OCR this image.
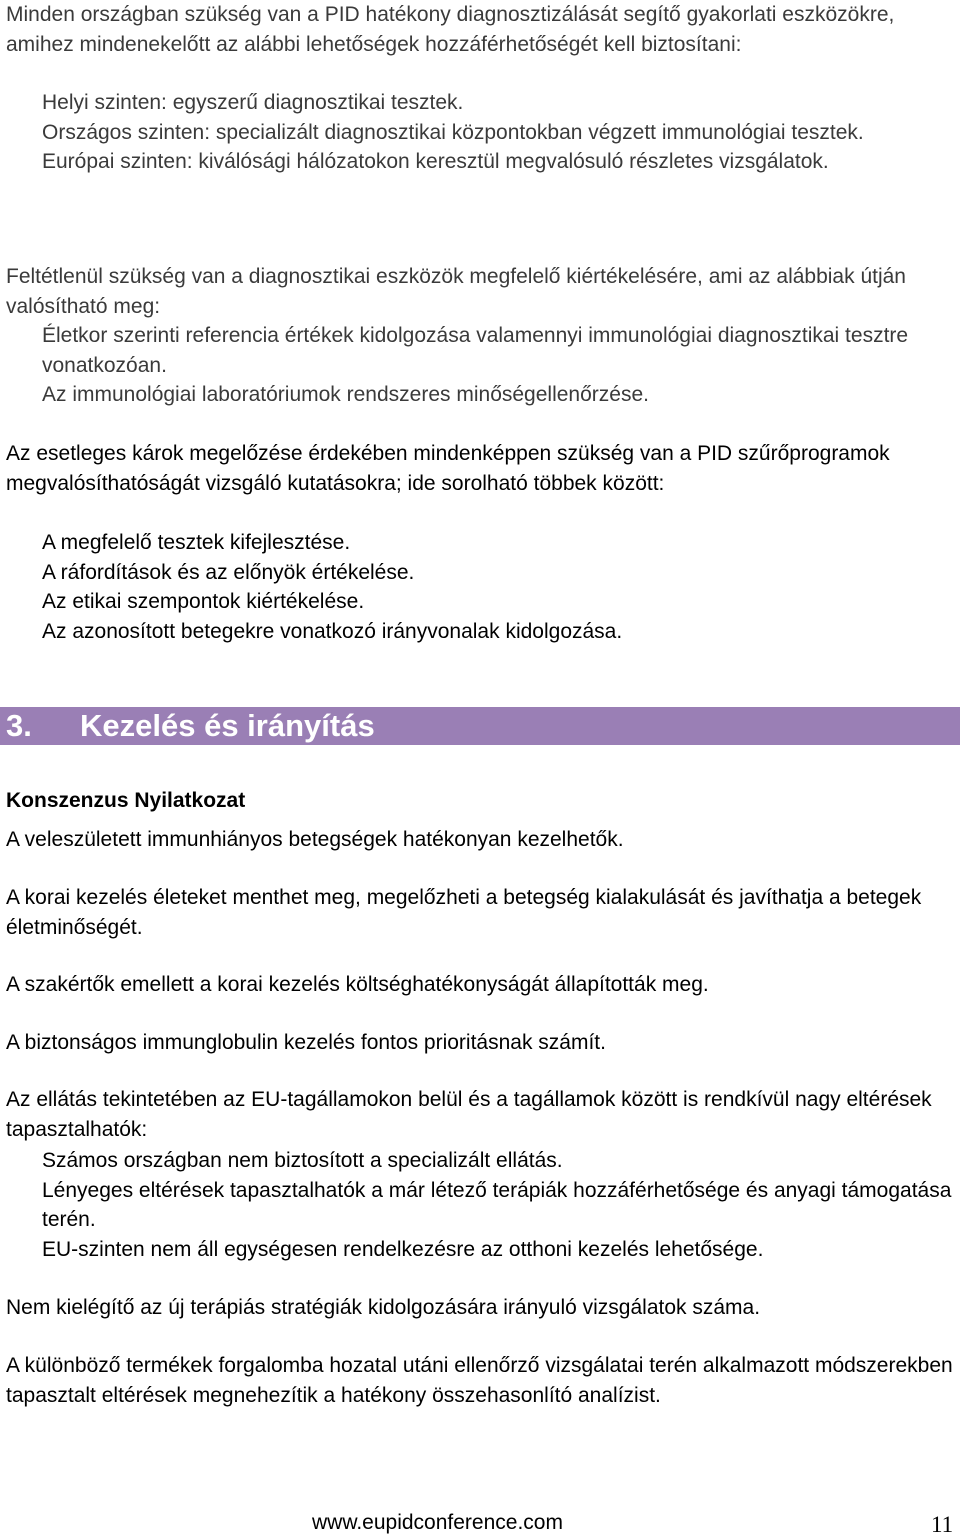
Minden országban szükség van a PID hatékony diagnosztizálását segítő gyakorlati eszközökre, amihez mindenekelőtt az alábbi lehetőségek hozzáférhetőségét kell biztosítani:

Helyi szinten: egyszerű diagnosztikai tesztek.
Országos szinten: specializált diagnosztikai központokban végzett immunológiai tesztek.
Európai szinten: kiválósági hálózatokon keresztül megvalósuló részletes vizsgálatok.

Feltétlenül szükség van a diagnosztikai eszközök megfelelő kiértékelésére, ami az alábbiak útján valósítható meg:

Életkor szerinti referencia értékek kidolgozása valamennyi immunológiai diagnosztikai tesztre vonatkozóan.
Az immunológiai laboratóriumok rendszeres minőségellenőrzése.

Az esetleges károk megelőzése érdekében mindenképpen szükség van a PID szűrőprogramok megvalósíthatóságát vizsgáló kutatásokra; ide sorolható többek között:

A megfelelő tesztek kifejlesztése.
A ráfordítások és az előnyök értékelése.
Az etikai szempontok kiértékelése.
Az azonosított betegekre vonatkozó irányvonalak kidolgozása.
3. Kezelés és irányítás
Konszenzus Nyilatkozat

A veleszületett immunhiányos betegségek hatékonyan kezelhetők.

A korai kezelés életeket menthet meg, megelőzheti a betegség kialakulását és javíthatja a betegek életminőségét.

A szakértők emellett a korai kezelés költséghatékonyságát állapították meg.

A biztonságos immunglobulin kezelés fontos prioritásnak számít.

Az ellátás tekintetében az EU-tagállamokon belül és a tagállamok között is rendkívül nagy eltérések tapasztalhatók:

Számos országban nem biztosított a specializált ellátás.
Lényeges eltérések tapasztalhatók a már létező terápiák hozzáférhetősége és anyagi támogatása terén.
EU-szinten nem áll egységesen rendelkezésre az otthoni kezelés lehetősége.

Nem kielégítő az új terápiás stratégiák kidolgozására irányuló vizsgálatok száma.

A különböző termékek forgalomba hozatal utáni ellenőrző vizsgálatai terén alkalmazott módszerekben tapasztalt eltérések megnehezítik a hatékony összehasonlító analízist.

www.eupidconference.com	11
